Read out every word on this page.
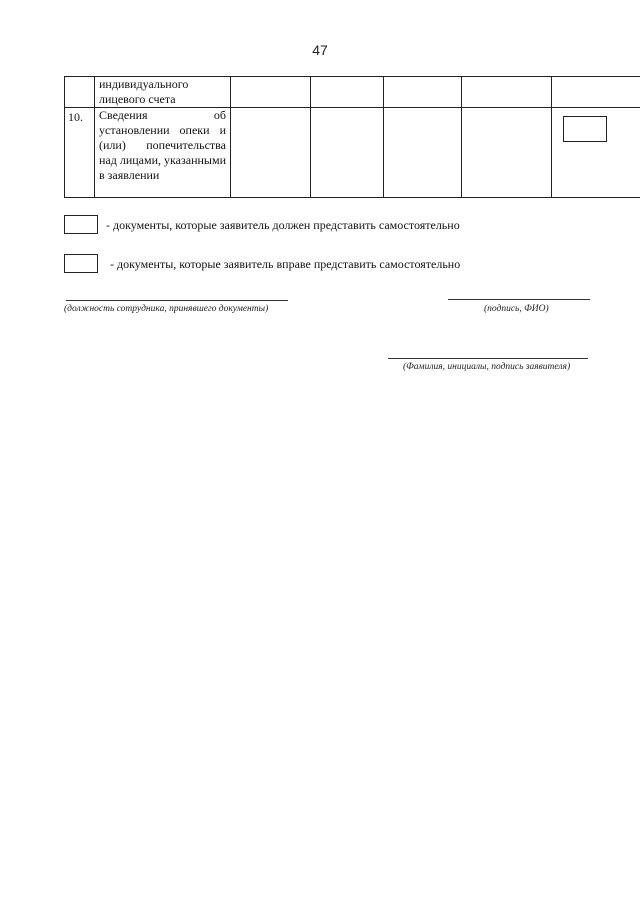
47

	индивидуального лицевого счета					

10.	Сведения об установлении опеки и (или) попечительства над лицами, указанными в заявлении					

- документы, которые заявитель должен представить самостоятельно
- документы, которые заявитель вправе представить самостоятельно
(должность сотрудника, принявшего документы)	(подпись, ФИО)
(Фамилия, инициалы, подпись заявителя)
